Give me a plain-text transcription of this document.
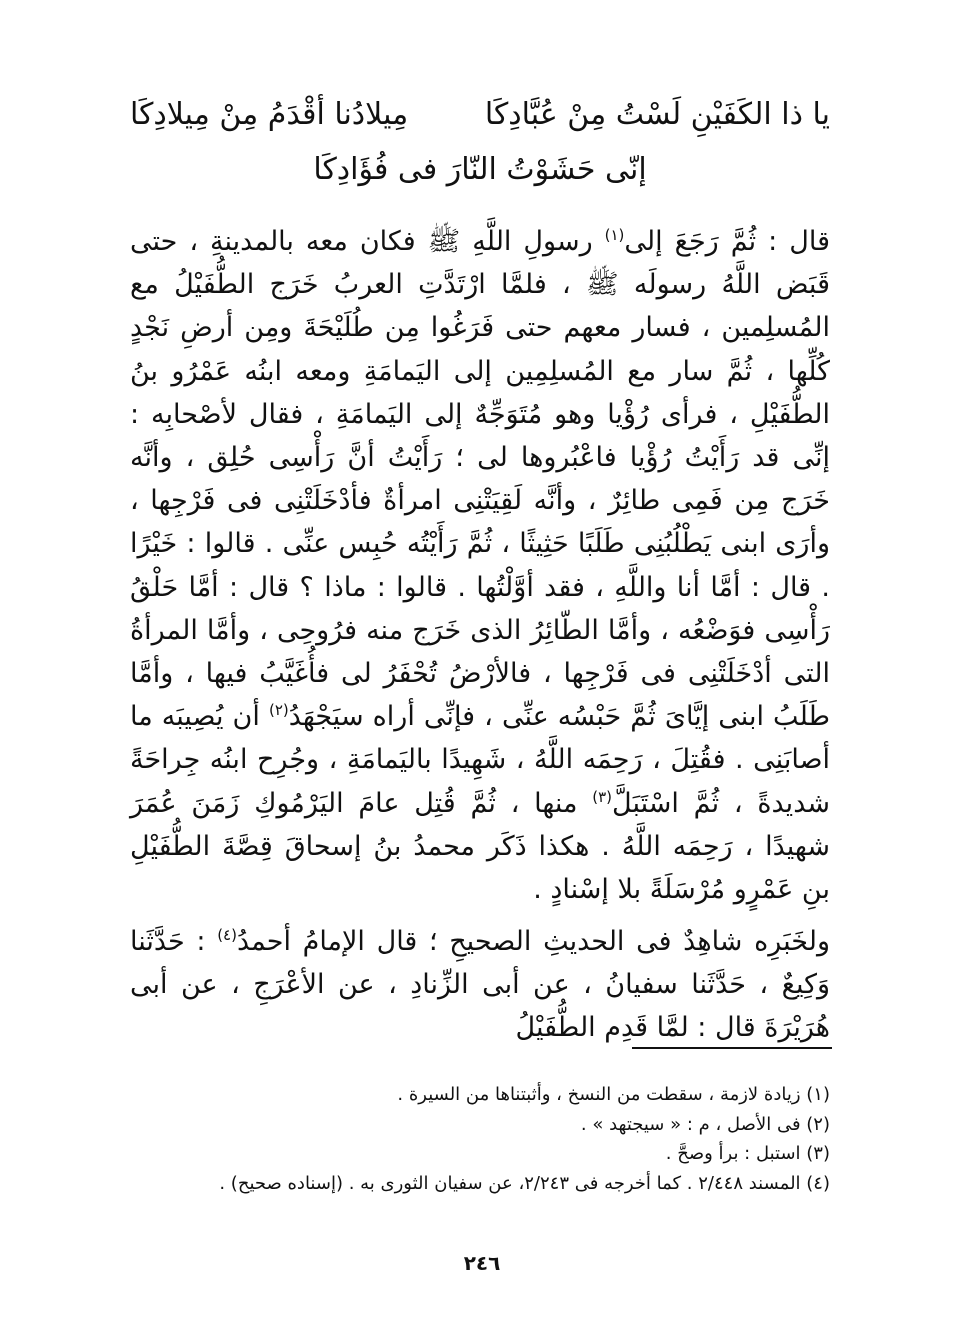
يا ذا الكَفَيْنِ لَسْتُ مِنْ عُبَّادِكَا
مِيلادُنا أقْدَمُ مِنْ مِيلادِكَا
إنّى حَشَوْتُ النّارَ فى فُؤَادِكَا

قال : ثُمَّ رَجَعَ إلى$^{(١)}$ رسولِ اللَّهِ ﷺ فكان معه بالمدينةِ ، حتى قَبَض اللَّهُ رسولَه ﷺ ، فلمَّا ارْتَدَّتِ العربُ خَرَج الطُّفَيْلُ مع المُسلِمين ، فسار معهم حتى فَرَغُوا مِن طُلَيْحَةَ ومِن أرضِ نَجْدٍ كُلِّها ، ثُمَّ سار مع المُسلِمِين إلى اليَمامَةِ ومعه ابنُه عَمْرُو بنُ الطُّفَيْلِ ، فرأى رُؤْيا وهو مُتَوَجِّهٌ إلى اليَمامَةِ ، فقال لأصْحابِه : إنِّى قد رَأَيْتُ رُؤْيا فاعْبُروها لى ؛ رَأَيْتُ أنَّ رَأْسِى حُلِق ، وأنَّه خَرَج مِن فَمِى طائِرٌ ، وأنَّه لَقِيَتْنِى امرأةٌ فأدْخَلَتْنِى فى فَرْجِها ، وأرَى ابنى يَطْلُبُنِى طَلَبًا حَثِيثًا ، ثُمَّ رَأَيْتُه حُبِس عنِّى . قالوا : خَيْرًا . قال : أمَّا أنا واللَّهِ ، فقد أوَّلْتُها . قالوا : ماذا ؟ قال : أمَّا حَلْقُ رَأْسِى فوَضْعُه ، وأمَّا الطّائِرُ الذى خَرَج منه فرُوحِى ، وأمَّا المرأةُ التى أدْخَلَتْنِى فى فَرْجِها ، فالأرْضُ تُحْفَرُ لى فأُغَيَّبُ فيها ، وأمَّا طَلَبُ ابنى إيَّاىَ ثُمَّ حَبْسُه عنِّى ، فإنِّى أراه سيَجْهَدُ$^{(٢)}$ أن يُصِيبَه ما أصابَنِى . فقُتِلَ ، رَحِمَه اللَّهُ ، شَهِيدًا باليَمامَةِ ، وجُرِح ابنُه جِراحَةً شديدةً ، ثُمَّ اسْتَبَلَّ$^{(٣)}$ منها ، ثُمَّ قُتِل عامَ اليَرْمُوكِ زَمَنَ عُمَرَ شهيدًا ، رَحِمَه اللَّهُ . هكذا ذَكَر محمدُ بنُ إسحاقَ قِصَّةَ الطُّفَيْلِ بنِ عَمْرٍو مُرْسَلَةً بلا إسْنادٍ .

ولخَبَرِه شاهِدٌ فى الحديثِ الصحيحِ ؛ قال الإمامُ أحمدُ$^{(٤)}$ : حَدَّثَنا وَكِيعٌ ، حَدَّثَنا سفيانُ ، عن أبى الزِّنادِ ، عن الأعْرَجِ ، عن أبى هُرَيْرَةَ قال : لمَّا قَدِم الطُّفَيْلُ

(١) زيادة لازمة ، سقطت من النسخ ، وأثبتناها من السيرة .
(٢) فى الأصل ، م : « سيجتهد » .
(٣) استبل : برأ وصحَّ .
(٤) المسند ٢/٤٤٨ . كما أخرجه فى ٢/٢٤٣، عن سفيان الثورى به . (إسناده صحيح) .
٢٤٦
